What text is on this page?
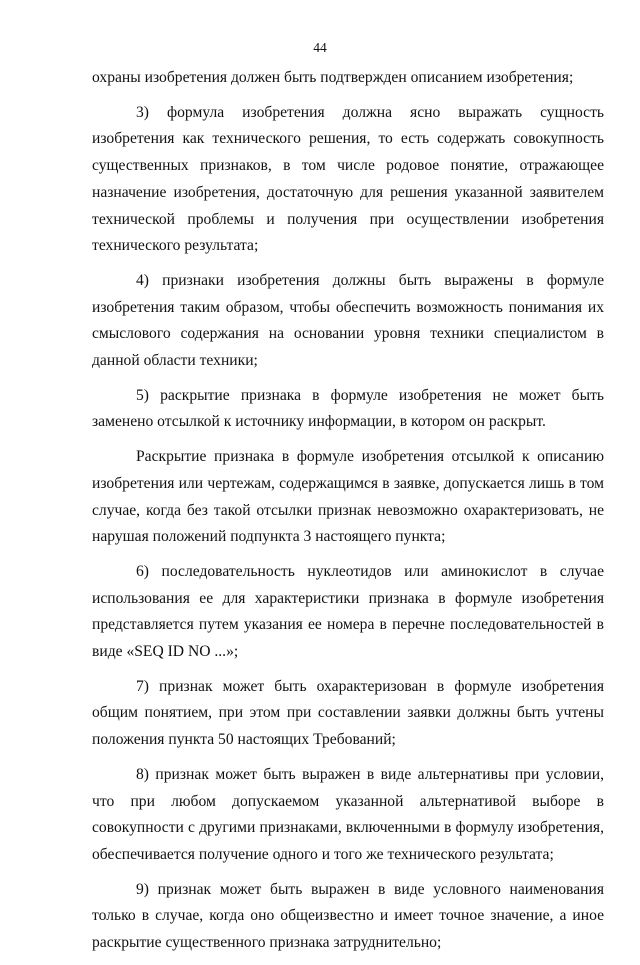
44

охраны изобретения должен быть подтвержден описанием изобретения;

3) формула изобретения должна ясно выражать сущность изобретения как технического решения, то есть содержать совокупность существенных признаков, в том числе родовое понятие, отражающее назначение изобретения, достаточную для решения указанной заявителем технической проблемы и получения при осуществлении изобретения технического результата;

4) признаки изобретения должны быть выражены в формуле изобретения таким образом, чтобы обеспечить возможность понимания их смыслового содержания на основании уровня техники специалистом в данной области техники;

5) раскрытие признака в формуле изобретения не может быть заменено отсылкой к источнику информации, в котором он раскрыт.

Раскрытие признака в формуле изобретения отсылкой к описанию изобретения или чертежам, содержащимся в заявке, допускается лишь в том случае, когда без такой отсылки признак невозможно охарактеризовать, не нарушая положений подпункта 3 настоящего пункта;

6) последовательность нуклеотидов или аминокислот в случае использования ее для характеристики признака в формуле изобретения представляется путем указания ее номера в перечне последовательностей в виде «SEQ ID NO ...»;

7) признак может быть охарактеризован в формуле изобретения общим понятием, при этом при составлении заявки должны быть учтены положения пункта 50 настоящих Требований;

8) признак может быть выражен в виде альтернативы при условии, что при любом допускаемом указанной альтернативой выборе в совокупности с другими признаками, включенными в формулу изобретения, обеспечивается получение одного и того же технического результата;

9) признак может быть выражен в виде условного наименования только в случае, когда оно общеизвестно и имеет точное значение, а иное раскрытие существенного признака затруднительно;
